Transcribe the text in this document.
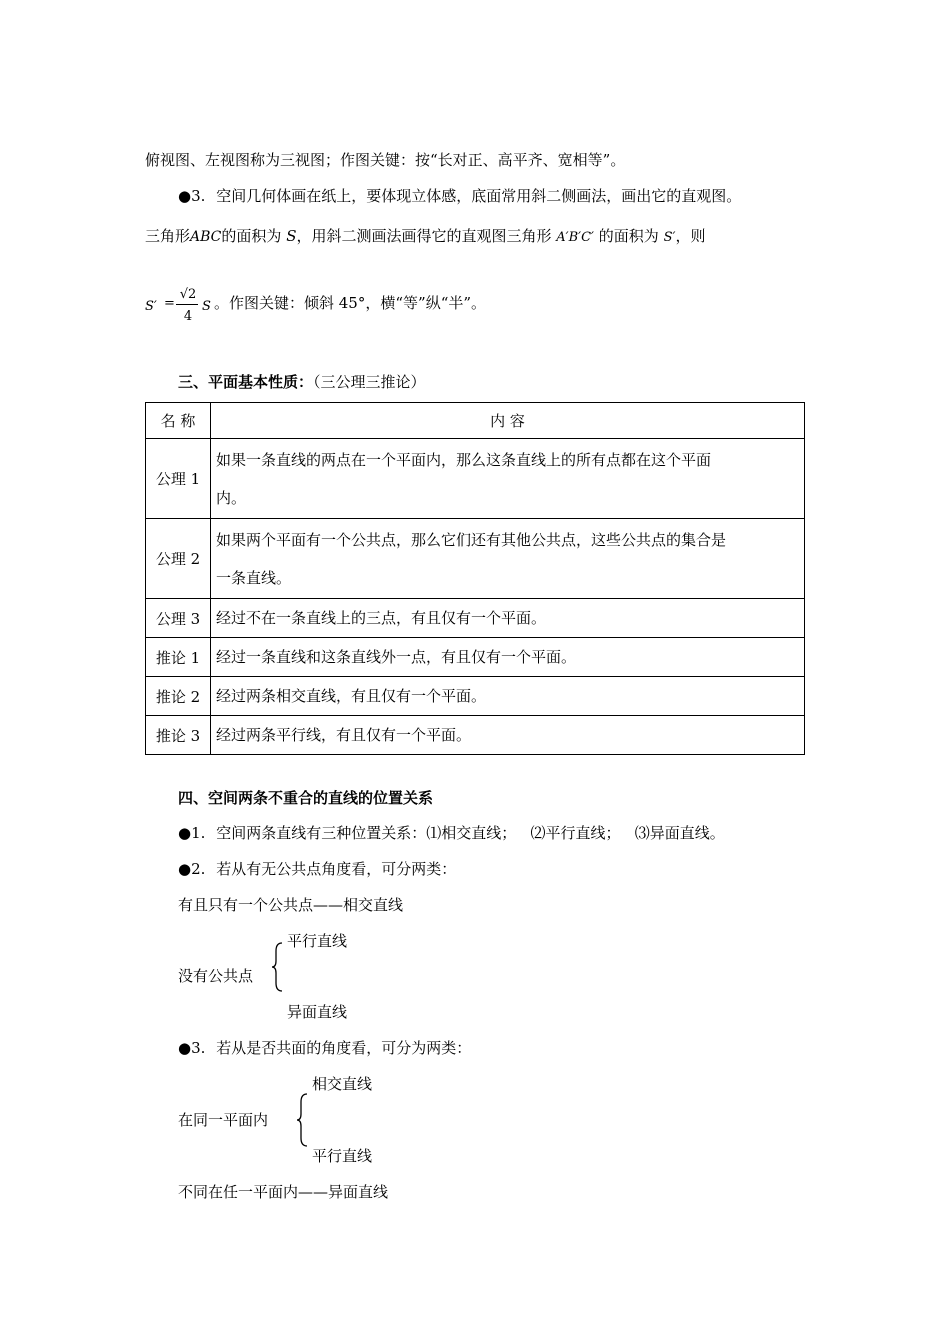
俯视图、左视图称为三视图；作图关键：按“长对正、高平齐、宽相等”。
●3. 空间几何体画在纸上，要体现立体感，底面常用斜二侧画法，画出它的直观图。
三角形ABC的面积为 S，用斜二测画法画得它的直观图三角形 A′B′C′ 的面积为 S′，则
S′ =
√2
4
S 。作图关键：倾斜 45°，横“等”纵“半”。
三、平面基本性质：（三公理三推论）
名 称	内 容
公理 1	如果一条直线的两点在一个平面内，那么这条直线上的所有点都在这个平面
内。

公理 2	如果两个平面有一个公共点，那么它们还有其他公共点，这些公共点的集合是
一条直线。

公理 3	经过不在一条直线上的三点，有且仅有一个平面。
推论 1	经过一条直线和这条直线外一点，有且仅有一个平面。
推论 2	经过两条相交直线，有且仅有一个平面。
推论 3	经过两条平行线，有且仅有一个平面。
四、空间两条不重合的直线的位置关系
●1. 空间两条直线有三种位置关系：⑴相交直线；   ⑵平行直线；   ⑶异面直线。
●2. 若从有无公共点角度看，可分两类：
有且只有一个公共点——相交直线
平行直线
没有公共点
异面直线
●3. 若从是否共面的角度看，可分为两类：
相交直线
在同一平面内
平行直线
不同在任一平面内——异面直线
